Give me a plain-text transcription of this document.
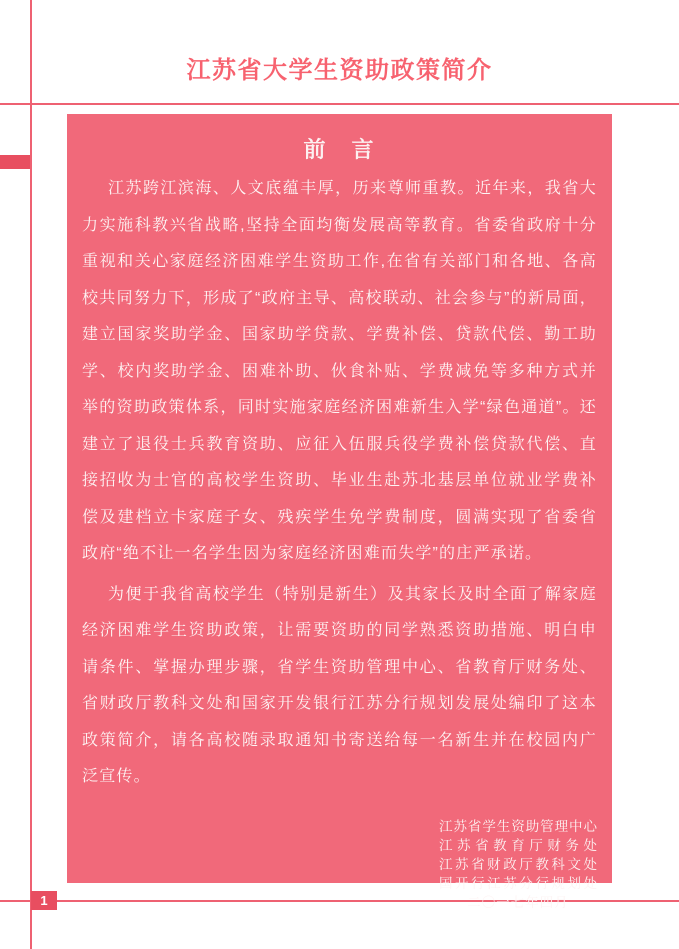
江苏省大学生资助政策简介
前　言

江苏跨江滨海、人文底蕴丰厚，历来尊师重教。近年来，我省大力实施科教兴省战略,坚持全面均衡发展高等教育。省委省政府十分重视和关心家庭经济困难学生资助工作,在省有关部门和各地、各高校共同努力下，形成了“政府主导、高校联动、社会参与”的新局面，建立国家奖助学金、国家助学贷款、学费补偿、贷款代偿、勤工助学、校内奖助学金、困难补助、伙食补贴、学费减免等多种方式并举的资助政策体系，同时实施家庭经济困难新生入学“绿色通道”。还建立了退役士兵教育资助、应征入伍服兵役学费补偿贷款代偿、直接招收为士官的高校学生资助、毕业生赴苏北基层单位就业学费补偿及建档立卡家庭子女、残疾学生免学费制度，圆满实现了省委省政府“绝不让一名学生因为家庭经济困难而失学”的庄严承诺。

为便于我省高校学生（特别是新生）及其家长及时全面了解家庭经济困难学生资助政策，让需要资助的同学熟悉资助措施、明白申请条件、掌握办理步骤，省学生资助管理中心、省教育厅财务处、省财政厅教科文处和国家开发银行江苏分行规划发展处编印了这本政策简介，请各高校随录取通知书寄送给每一名新生并在校园内广泛宣传。

江苏省学生资助管理中心
江苏省教育厅财务处
江苏省财政厅教科文处
国开行江苏分行规划处
二〇一七年四月
1
